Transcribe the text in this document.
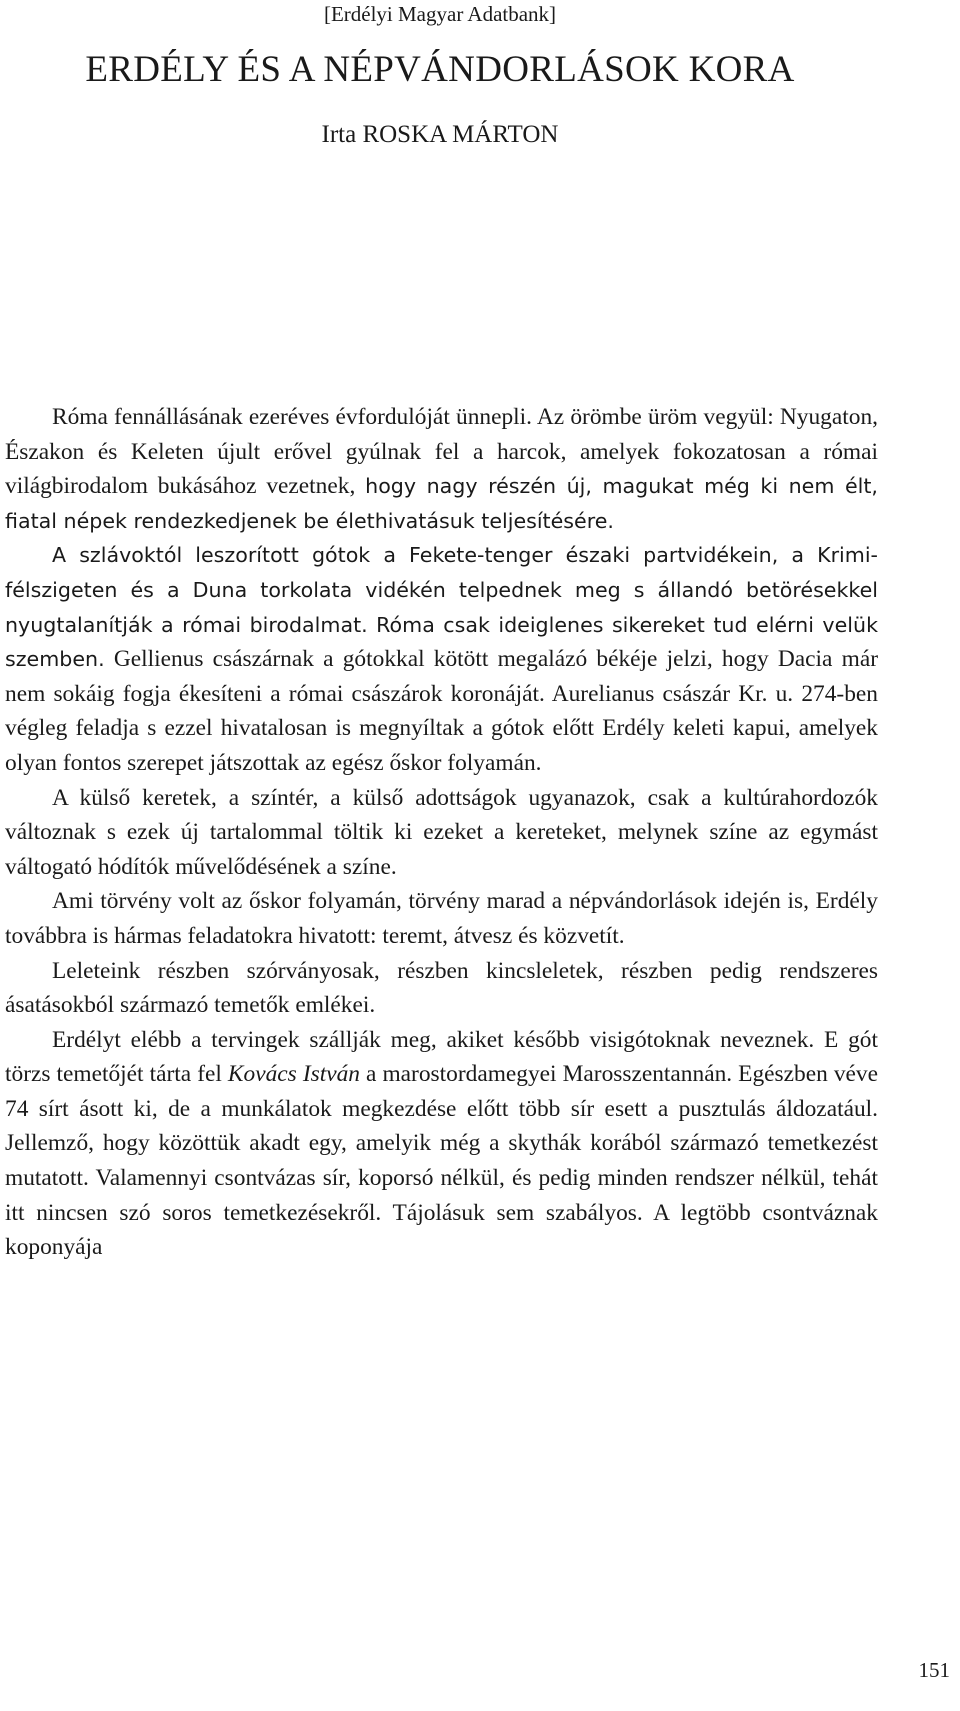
[Erdélyi Magyar Adatbank]
ERDÉLY ÉS A NÉPVÁNDORLÁSOK KORA
Irta ROSKA MÁRTON

Róma fennállásának ezeréves évfordulóját ünnepli. Az örömbe üröm vegyül: Nyugaton, Északon és Keleten újult erővel gyúlnak fel a harcok, amelyek fokozatosan a római világbirodalom bukásához vezetnek, hogy nagy részén új, magukat még ki nem élt, fiatal népek rendezkedjenek be élethivatásuk teljesítésére.

A szlávoktól leszorított gótok a Fekete-tenger északi partvidékein, a Krimi-félszigeten és a Duna torkolata vidékén telpednek meg s állandó betörésekkel nyugtalanítják a római birodalmat. Róma csak ideiglenes sikereket tud elérni velük szemben. Gellienus császárnak a gótokkal kötött megalázó békéje jelzi, hogy Dacia már nem sokáig fogja ékesíteni a római császárok koronáját. Aurelianus császár Kr. u. 274-ben végleg feladja s ezzel hivatalosan is megnyíltak a gótok előtt Erdély keleti kapui, amelyek olyan fontos szerepet játszottak az egész őskor folyamán.

A külső keretek, a színtér, a külső adottságok ugyanazok, csak a kultúrahordozók változnak s ezek új tartalommal töltik ki ezeket a kereteket, melynek színe az egymást váltogató hódítók művelődésének a színe.

Ami törvény volt az őskor folyamán, törvény marad a népvándorlások idején is, Erdély továbbra is hármas feladatokra hivatott: teremt, átvesz és közvetít.

Leleteink részben szórványosak, részben kincsleletek, részben pedig rendszeres ásatásokból származó temetők emlékei.

Erdélyt elébb a tervingek szállják meg, akiket később visigótoknak neveznek. E gót törzs temetőjét tárta fel Kovács István a marostordamegyei Marosszentannán. Egészben véve 74 sírt ásott ki, de a munkálatok megkezdése előtt több sír esett a pusztulás áldozatául. Jellemző, hogy közöttük akadt egy, amelyik még a skythák korából származó temetkezést mutatott. Valamennyi csontvázas sír, koporsó nélkül, és pedig minden rendszer nélkül, tehát itt nincsen szó soros temetkezésekről. Tájolásuk sem szabályos. A legtöbb csontváznak koponyája

151
